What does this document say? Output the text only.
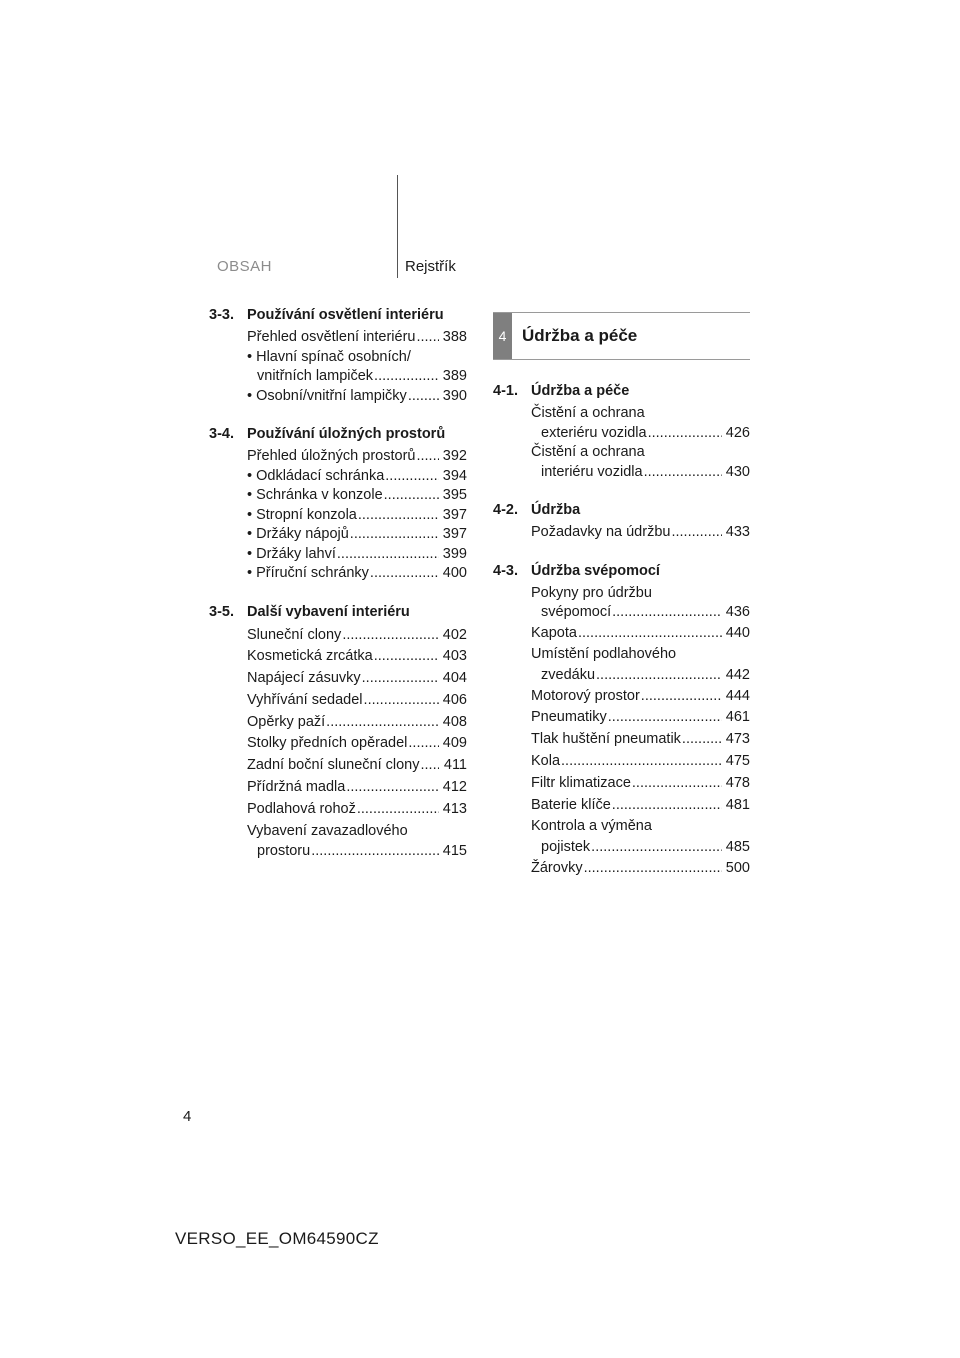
OBSAH	Rejstřík
3-3. Používání osvětlení interiéru
Přehled osvětlení interiéru ..... 388
• Hlavní spínač osobních/
vnitřních lampiček .....	389
• Osobní/vnitřní lampičky ..... 390
3-4. Používání úložných prostorů
Přehled úložných prostorů ..... 392
• Odkládací schránka .....	394
• Schránka v konzole .....	395
• Stropní konzola .....	397
• Držáky nápojů .....	397
• Držáky lahví .....	399
• Příruční schránky .....	400
3-5. Další vybavení interiéru
Sluneční clony .....	402
Kosmetická zrcátka .....	403
Napájecí zásuvky .....	404
Vyhřívání sedadel .....	406
Opěrky paží .....	408
Stolky předních opěradel ..... 409
Zadní boční sluneční clony ..... 411
Přídržná madla .....	412
Podlahová rohož .....	413
Vybavení zavazadlového
prostoru .....	415
4 Údržba a péče
4-1. Údržba a péče
Čistění a ochrana
exteriéru vozidla .....	426
Čistění a ochrana
interiéru vozidla .....	430
4-2. Údržba
Požadavky na údržbu .....	433
4-3. Údržba svépomocí
Pokyny pro údržbu
svépomocí .....	436
Kapota .....	440
Umístění podlahového
zvedáku .....	442
Motorový prostor .....	444
Pneumatiky .....	461
Tlak huštění pneumatik .....	473
Kola .....	475
Filtr klimatizace .....	478
Baterie klíče .....	481
Kontrola a výměna
pojistek .....	485
Žárovky .....	500
4
VERSO_EE_OM64590CZ
